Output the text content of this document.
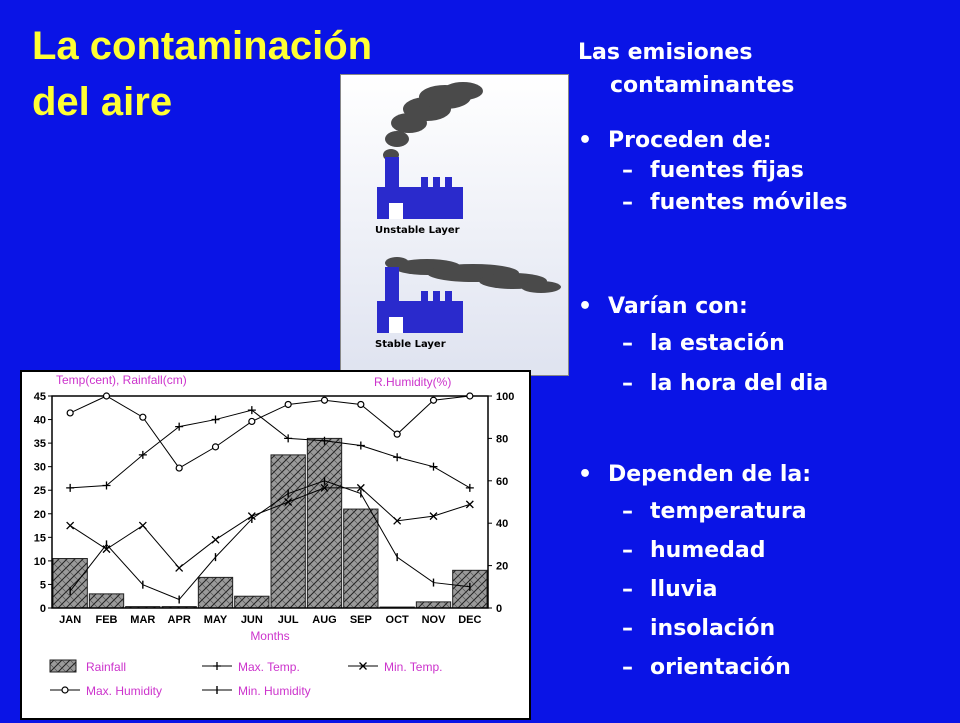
La contaminación
del aire
Las emisiones
contaminantes
• Proceden de:
– fuentes fijas
– fuentes móviles
• Varían con:
– la estación
– la hora del dia
• Dependen de la:
– temperatura
– humedad
– lluvia
– insolación
– orientación
Unstable Layer
Stable Layer
Temp(cent), Rainfall(cm)	R.Humidity(%)
0
5
10
15
20
25
30
35
40
45
0
20
40
60
80
100
JAN FEB MAR APR MAY JUN JUL AUG SEP OCT NOV DEC
Months
Rainfall	Max. Temp.	Min. Temp.
Max. Humidity	Min. Humidity
